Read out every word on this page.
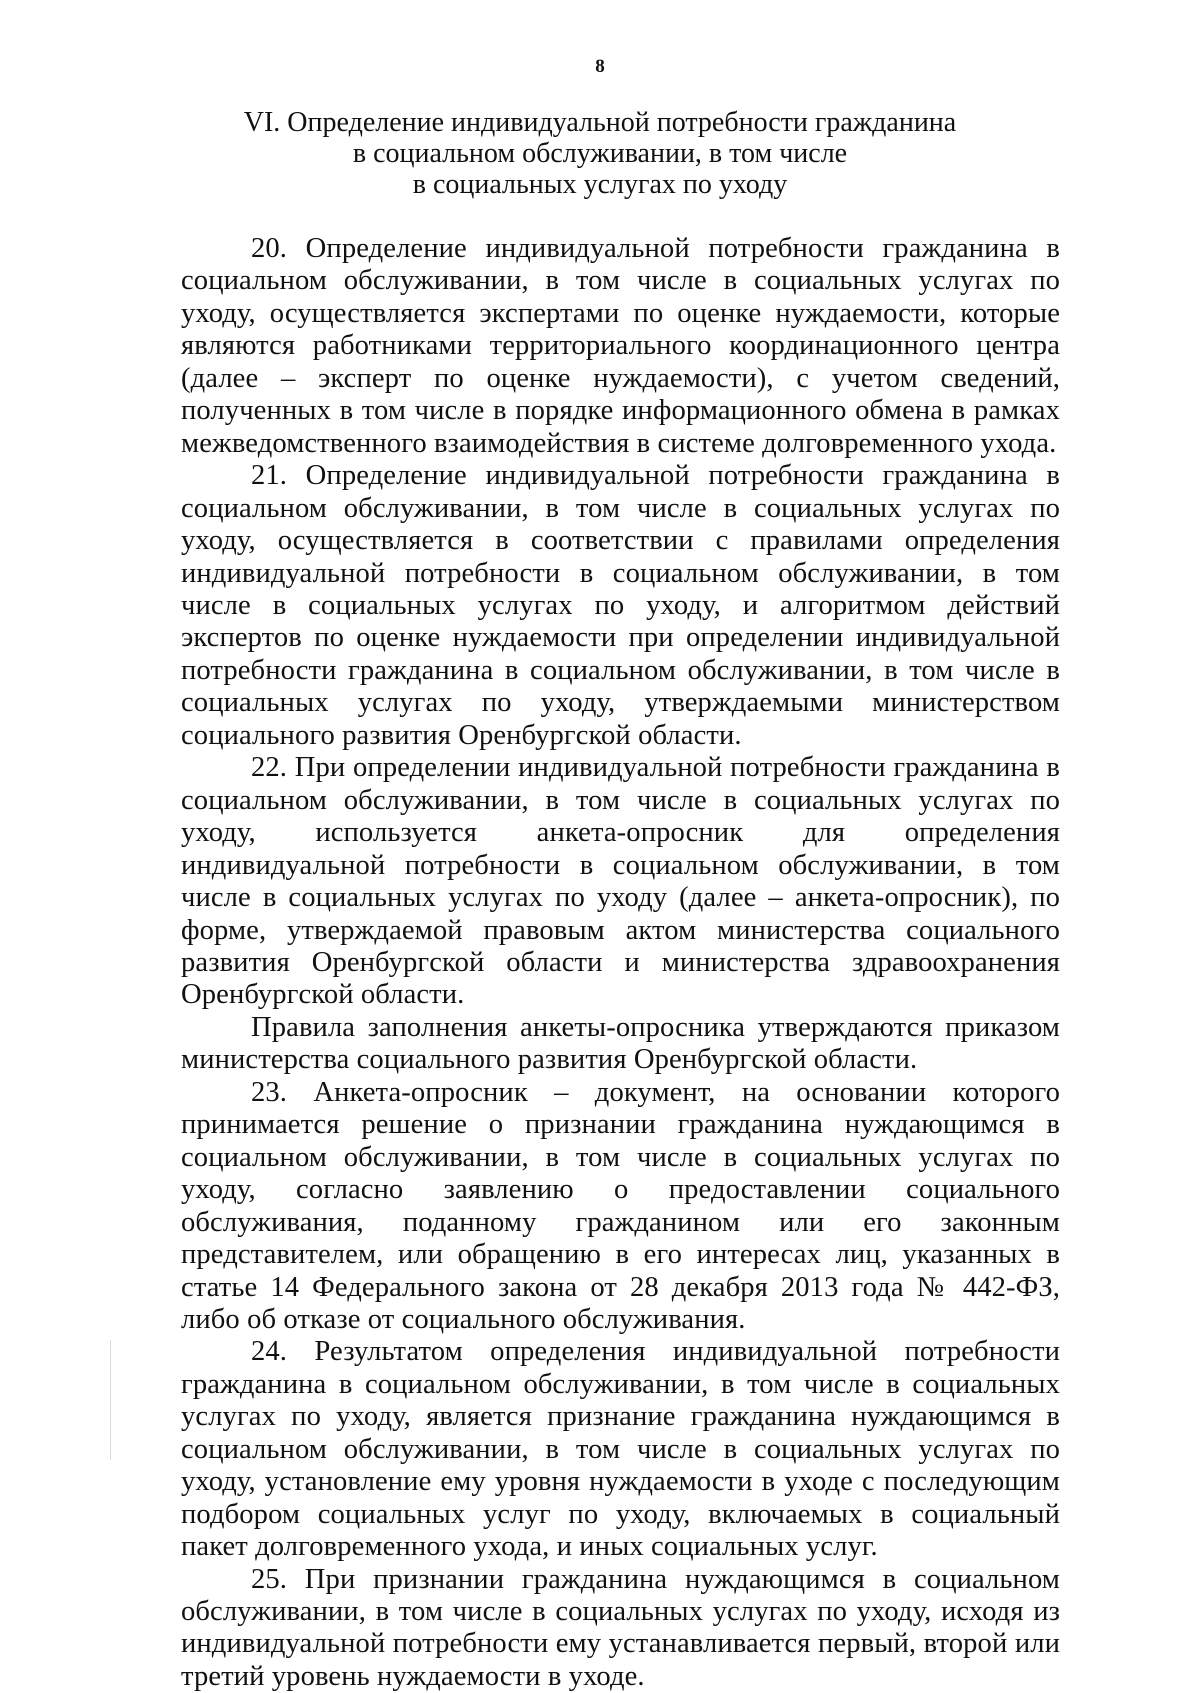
8
VI. Определение индивидуальной потребности гражданина
в социальном обслуживании, в том числе
в социальных услугах по уходу

20. Определение индивидуальной потребности гражданина в социальном обслуживании, в том числе в социальных услугах по уходу, осуществляется экспертами по оценке нуждаемости, которые являются работниками территориального координационного центра (далее – эксперт по оценке нуждаемости), с учетом сведений, полученных в том числе в порядке информационного обмена в рамках межведомственного взаимодействия в системе долговременного ухода.

21. Определение индивидуальной потребности гражданина в социальном обслуживании, в том числе в социальных услугах по уходу, осуществляется в соответствии с правилами определения индивидуальной потребности в социальном обслуживании, в том числе в социальных услугах по уходу, и алгоритмом действий экспертов по оценке нуждаемости при определении индивидуальной потребности гражданина в социальном обслуживании, в том числе в социальных услугах по уходу, утверждаемыми министерством социального развития Оренбургской области.

22. При определении индивидуальной потребности гражданина в социальном обслуживании, в том числе в социальных услугах по уходу, используется анкета-опросник для определения индивидуальной потребности в социальном обслуживании, в том числе в социальных услугах по уходу (далее – анкета-опросник), по форме, утверждаемой правовым актом министерства социального развития Оренбургской области и министерства здравоохранения Оренбургской области.

Правила заполнения анкеты-опросника утверждаются приказом министерства социального развития Оренбургской области.

23. Анкета-опросник – документ, на основании которого принимается решение о признании гражданина нуждающимся в социальном обслуживании, в том числе в социальных услугах по уходу, согласно заявлению о предоставлении социального обслуживания, поданному гражданином или его законным представителем, или обращению в его интересах лиц, указанных в статье 14 Федерального закона от 28 декабря 2013 года № 442-ФЗ, либо об отказе от социального обслуживания.

24. Результатом определения индивидуальной потребности гражданина в социальном обслуживании, в том числе в социальных услугах по уходу, является признание гражданина нуждающимся в социальном обслуживании, в том числе в социальных услугах по уходу, установление ему уровня нуждаемости в уходе с последующим подбором социальных услуг по уходу, включаемых в социальный пакет долговременного ухода, и иных социальных услуг.

25. При признании гражданина нуждающимся в социальном обслуживании, в том числе в социальных услугах по уходу, исходя из индивидуальной потребности ему устанавливается первый, второй или третий уровень нуждаемости в уходе.
